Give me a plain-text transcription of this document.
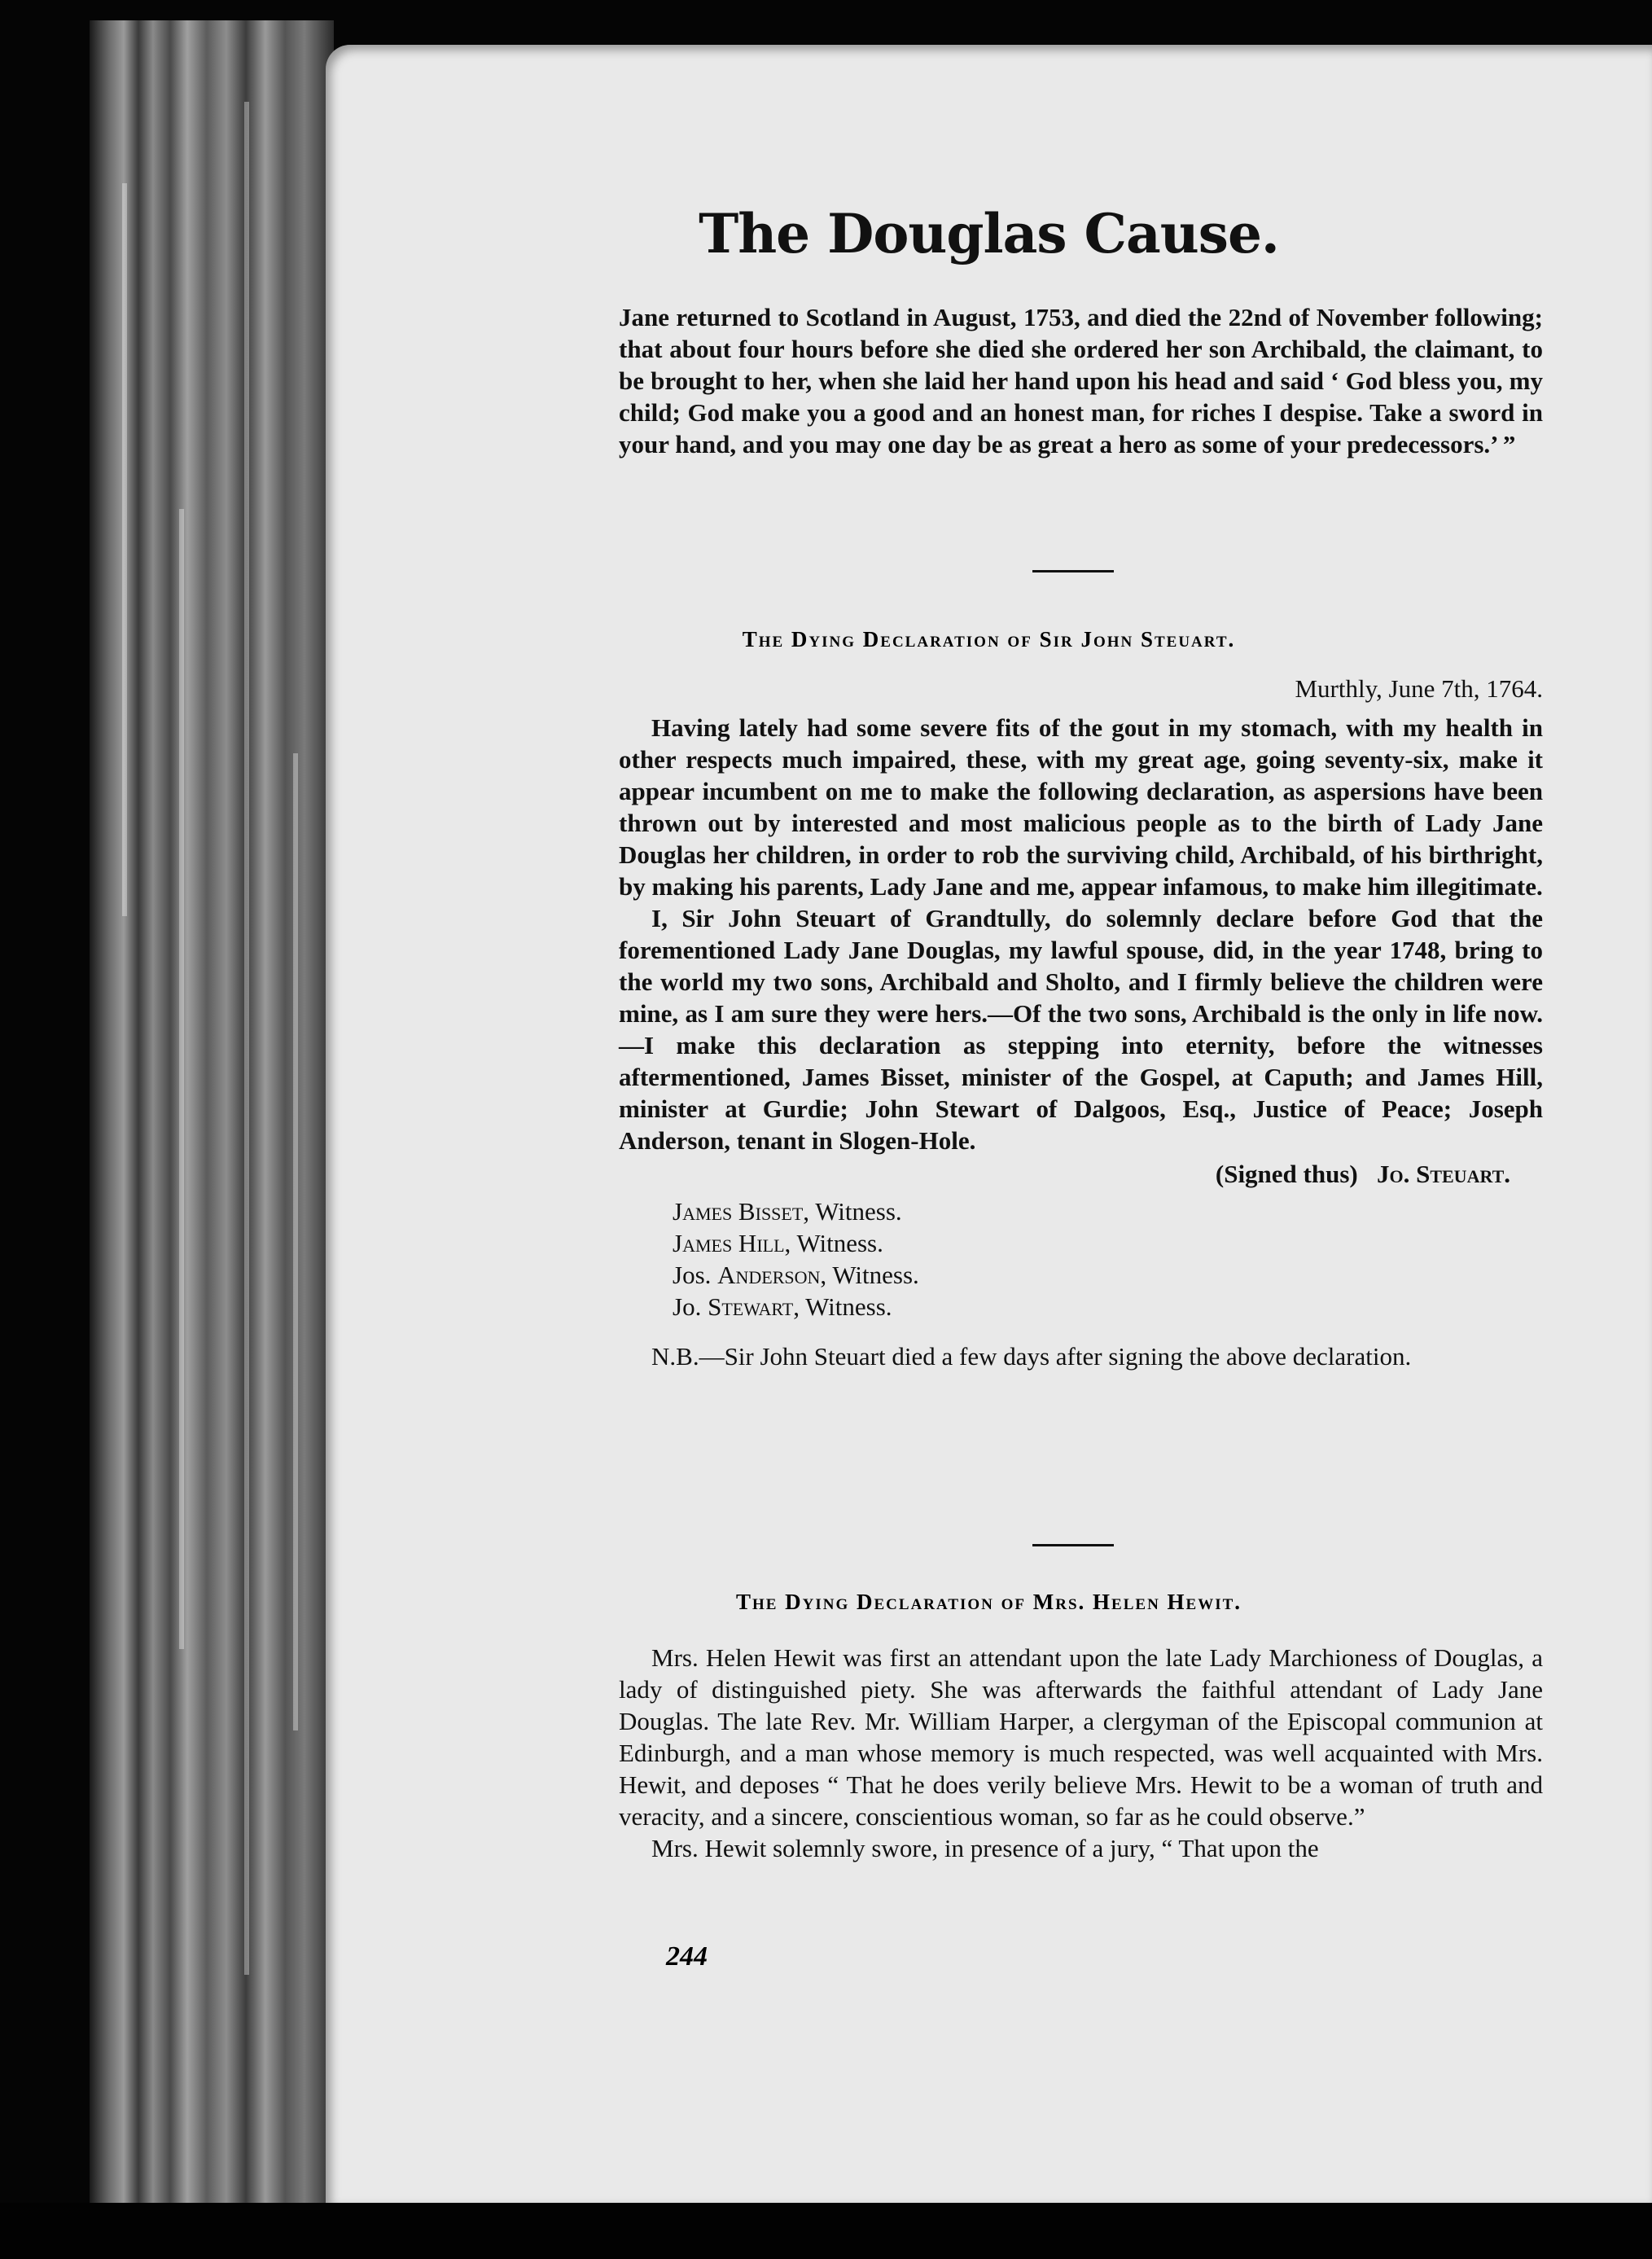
The Douglas Cause.

Jane returned to Scotland in August, 1753, and died the 22nd of November following; that about four hours before she died she ordered her son Archibald, the claimant, to be brought to her, when she laid her hand upon his head and said ‘ God bless you, my child; God make you a good and an honest man, for riches I despise. Take a sword in your hand, and you may one day be as great a hero as some of your predecessors.’ ”

The Dying Declaration of Sir John Steuart.

Murthly, June 7th, 1764.

Having lately had some severe fits of the gout in my stomach, with my health in other respects much impaired, these, with my great age, going seventy-six, make it appear incumbent on me to make the following declaration, as aspersions have been thrown out by interested and most malicious people as to the birth of Lady Jane Douglas her children, in order to rob the surviving child, Archibald, of his birthright, by making his parents, Lady Jane and me, appear infamous, to make him illegitimate.

I, Sir John Steuart of Grandtully, do solemnly declare before God that the forementioned Lady Jane Douglas, my lawful spouse, did, in the year 1748, bring to the world my two sons, Archibald and Sholto, and I firmly believe the children were mine, as I am sure they were hers.—Of the two sons, Archibald is the only in life now.—I make this declaration as stepping into eternity, before the witnesses aftermentioned, James Bisset, minister of the Gospel, at Caputh; and James Hill, minister at Gurdie; John Stewart of Dalgoos, Esq., Justice of Peace; Joseph Anderson, tenant in Slogen-Hole.

(Signed thus) Jo. Steuart.

James Bisset, Witness.

James Hill, Witness.

Jos. Anderson, Witness.

Jo. Stewart, Witness.

N.B.—Sir John Steuart died a few days after signing the above declaration.

The Dying Declaration of Mrs. Helen Hewit.

Mrs. Helen Hewit was first an attendant upon the late Lady Marchioness of Douglas, a lady of distinguished piety. She was afterwards the faithful attendant of Lady Jane Douglas. The late Rev. Mr. William Harper, a clergyman of the Episcopal communion at Edinburgh, and a man whose memory is much respected, was well acquainted with Mrs. Hewit, and deposes “ That he does verily believe Mrs. Hewit to be a woman of truth and veracity, and a sincere, conscientious woman, so far as he could observe.”

Mrs. Hewit solemnly swore, in presence of a jury, “ That upon the

244
